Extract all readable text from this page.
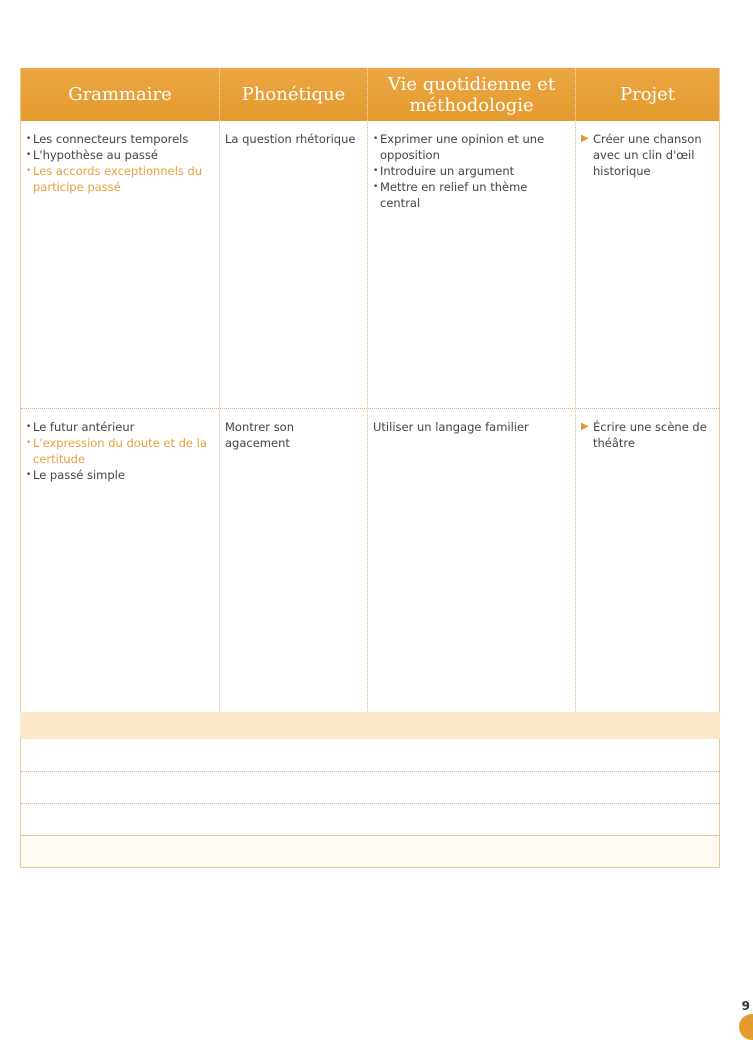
Grammaire	Phonétique	Vie quotidienne et méthodologie	Projet
• Les connecteurs temporels
• L'hypothèse au passé
• Les accords exceptionnels du participe passé
La question rhétorique
•	Exprimer une opinion et une opposition
• Introduire un argument
• Mettre en relief un thème central
▶ Créer une chanson avec un clin d'œil historique
• Le futur antérieur
• L'expression du doute et de la certitude
• Le passé simple
Montrer son agacement
Utiliser un langage familier	▶ Écrire une scène de théâtre
9
